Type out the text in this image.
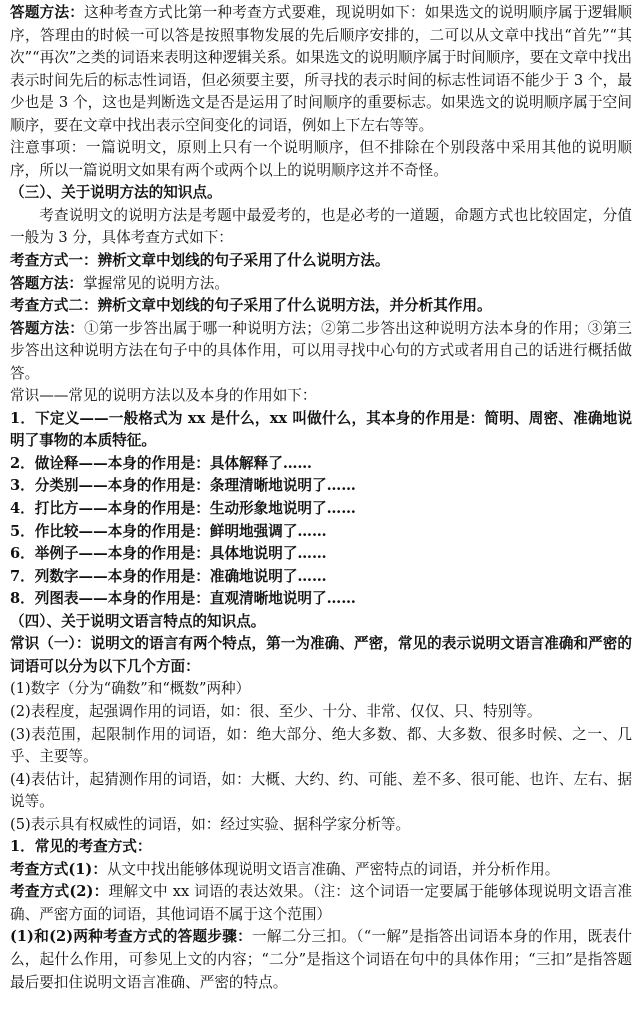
答题方法：这种考查方式比第一种考查方式要难，现说明如下：如果选文的说明顺序属于逻辑顺序，答理由的时候一可以答是按照事物发展的先后顺序安排的，二可以从文章中找出“首先”“其次”“再次”之类的词语来表明这种逻辑关系。如果选文的说明顺序属于时间顺序，要在文章中找出表示时间先后的标志性词语，但必须要主要，所寻找的表示时间的标志性词语不能少于 3 个，最少也是 3 个，这也是判断选文是否是运用了时间顺序的重要标志。如果选文的说明顺序属于空间顺序，要在文章中找出表示空间变化的词语，例如上下左右等等。

注意事项：一篇说明文，原则上只有一个说明顺序，但不排除在个别段落中采用其他的说明顺序，所以一篇说明文如果有两个或两个以上的说明顺序这并不奇怪。

（三）、关于说明方法的知识点。

考查说明文的说明方法是考题中最爱考的，也是必考的一道题，命题方式也比较固定，分值一般为 3 分，具体考查方式如下：

考查方式一：辨析文章中划线的句子采用了什么说明方法。

答题方法：掌握常见的说明方法。

考查方式二：辨析文章中划线的句子采用了什么说明方法，并分析其作用。

答题方法：①第一步答出属于哪一种说明方法；②第二步答出这种说明方法本身的作用；③第三步答出这种说明方法在句子中的具体作用，可以用寻找中心句的方式或者用自己的话进行概括做答。

常识——常见的说明方法以及本身的作用如下：

1．下定义——一般格式为 xx 是什么，xx 叫做什么，其本身的作用是：简明、周密、准确地说明了事物的本质特征。

2．做诠释——本身的作用是：具体解释了……

3．分类别——本身的作用是：条理清晰地说明了……

4．打比方——本身的作用是：生动形象地说明了……

5．作比较——本身的作用是：鲜明地强调了……

6．举例子——本身的作用是：具体地说明了……

7．列数字——本身的作用是：准确地说明了……

8．列图表——本身的作用是：直观清晰地说明了……

（四）、关于说明文语言特点的知识点。

常识（一）：说明文的语言有两个特点，第一为准确、严密，常见的表示说明文语言准确和严密的词语可以分为以下几个方面：

(1)数字（分为“确数”和“概数”两种）

(2)表程度，起强调作用的词语，如：很、至少、十分、非常、仅仅、只、特别等。

(3)表范围，起限制作用的词语，如：绝大部分、绝大多数、都、大多数、很多时候、之一、几乎、主要等。

(4)表估计，起猜测作用的词语，如：大概、大约、约、可能、差不多、很可能、也许、左右、据说等。

(5)表示具有权威性的词语，如：经过实验、据科学家分析等。

1．常见的考查方式：

考查方式(1)：从文中找出能够体现说明文语言准确、严密特点的词语，并分析作用。

考查方式(2)：理解文中 xx 词语的表达效果。（注：这个词语一定要属于能够体现说明文语言准确、严密方面的词语，其他词语不属于这个范围）

(1)和(2)两种考查方式的答题步骤：一解二分三扣。（“一解”是指答出词语本身的作用，既表什么，起什么作用，可参见上文的内容；“二分”是指这个词语在句中的具体作用；“三扣”是指答题最后要扣住说明文语言准确、严密的特点。
